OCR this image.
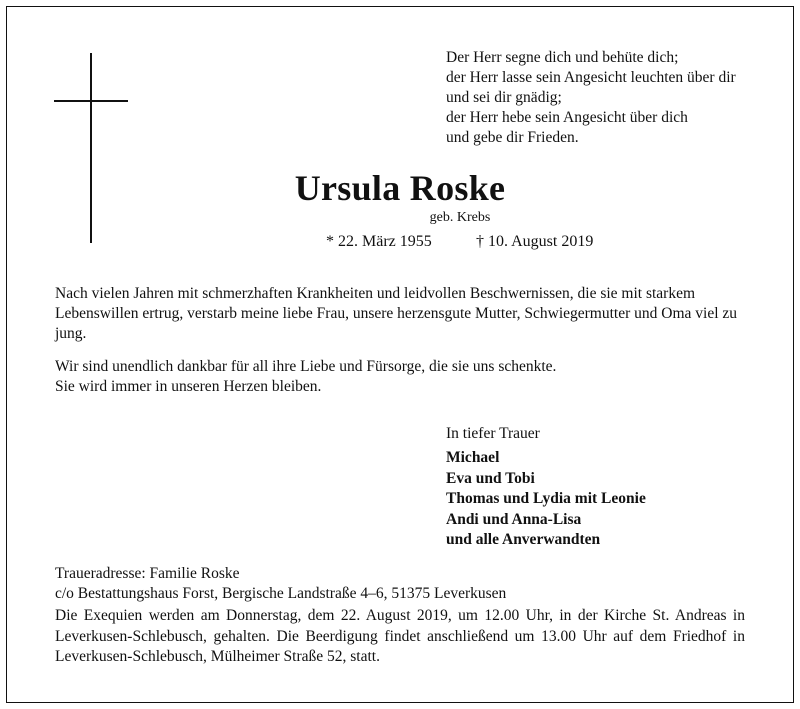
Der Herr segne dich und behüte dich;
der Herr lasse sein Angesicht leuchten über dir
und sei dir gnädig;
der Herr hebe sein Angesicht über dich
und gebe dir Frieden.
Ursula Roske
geb. Krebs
* 22. März 1955	† 10. August 2019
Nach vielen Jahren mit schmerzhaften Krankheiten und leidvollen Beschwernissen, die sie mit starkem Lebenswillen ertrug, verstarb meine liebe Frau, unsere herzensgute Mutter, Schwiegermutter und Oma viel zu jung.
Wir sind unendlich dankbar für all ihre Liebe und Fürsorge, die sie uns schenkte.
Sie wird immer in unseren Herzen bleiben.
In tiefer Trauer
Michael
Eva und Tobi
Thomas und Lydia mit Leonie
Andi und Anna-Lisa
und alle Anverwandten
Traueradresse: Familie Roske
c/o Bestattungshaus Forst, Bergische Landstraße 4–6, 51375 Leverkusen
Die Exequien werden am Donnerstag, dem 22. August 2019, um 12.00 Uhr, in der Kirche St. Andreas in Leverkusen-Schlebusch, gehalten. Die Beerdigung findet anschließend um 13.00 Uhr auf dem Friedhof in Leverkusen-Schlebusch, Mülheimer Straße 52, statt.
